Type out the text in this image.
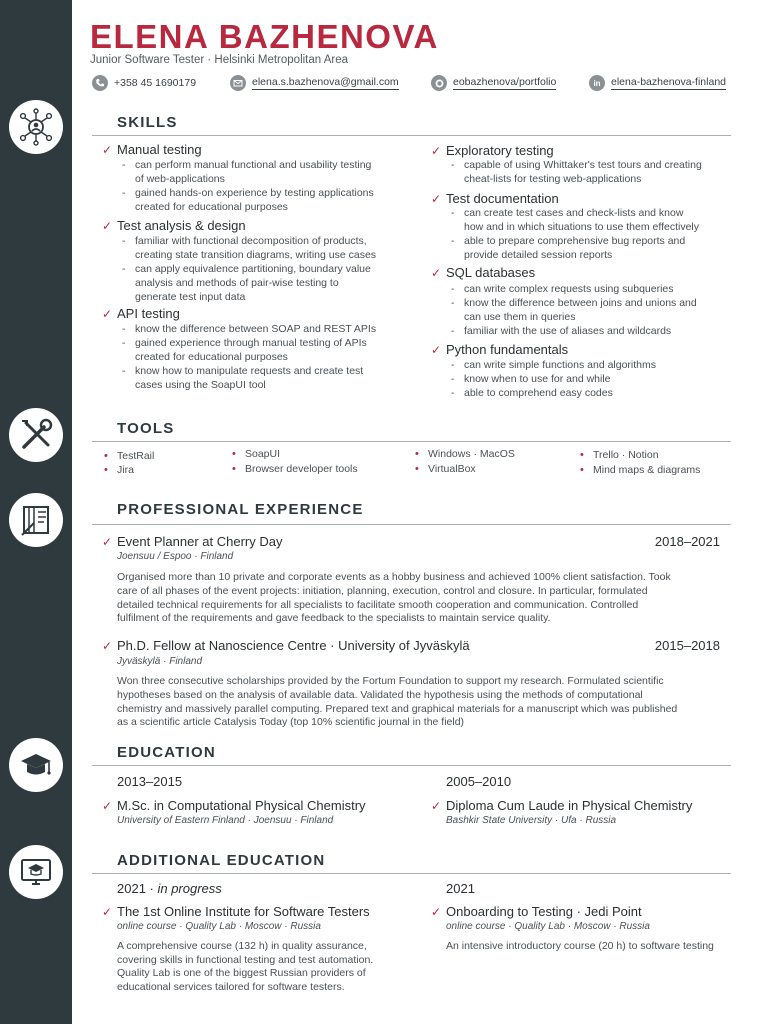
ELENA BAZHENOVA
Junior Software Tester · Helsinki Metropolitan Area
+358 45 1690179	elena.s.bazhenova@gmail.com	eobazhenova/portfolio	in elena-bazhenova-finland
SKILLS
✓ Manual testing
- can perform manual functional and usability testing
of web-applications
- gained hands-on experience by testing applications
created for educational purposes
✓ Test analysis & design
- familiar with functional decomposition of products,
creating state transition diagrams, writing use cases
- can apply equivalence partitioning, boundary value
analysis and methods of pair-wise testing to
generate test input data
✓ API testing
- know the difference between SOAP and REST APIs
- gained experience through manual testing of APIs
created for educational purposes
- know how to manipulate requests and create test
cases using the SoapUI tool
✓ Exploratory testing
- capable of using Whittaker's test tours and creating
cheat-lists for testing web-applications
✓ Test documentation
- can create test cases and check-lists and know
how and in which situations to use them effectively
- able to prepare comprehensive bug reports and
provide detailed session reports
✓ SQL databases
- can write complex requests using subqueries
- know the difference between joins and unions and
can use them in queries
- familiar with the use of aliases and wildcards
✓ Python fundamentals
- can write simple functions and algorithms
- know when to use for and while
- able to comprehend easy codes
TOOLS
• TestRail
• Jira
• SoapUI
• Browser developer tools
• Windows · MacOS
• VirtualBox
• Trello · Notion
• Mind maps & diagrams
PROFESSIONAL EXPERIENCE
✓ Event Planner at Cherry Day	2018–2021
Joensuu / Espoo · Finland
Organised more than 10 private and corporate events as a hobby business and achieved 100% client satisfaction. Took
care of all phases of the event projects: initiation, planning, execution, control and closure. In particular, formulated
detailed technical requirements for all specialists to facilitate smooth cooperation and communication. Controlled
fulfilment of the requirements and gave feedback to the specialists to maintain service quality.
✓ Ph.D. Fellow at Nanoscience Centre · University of Jyväskylä	2015–2018
Jyväskylä · Finland
Won three consecutive scholarships provided by the Fortum Foundation to support my research. Formulated scientific
hypotheses based on the analysis of available data. Validated the hypothesis using the methods of computational
chemistry and massively parallel computing. Prepared text and graphical materials for a manuscript which was published
as a scientific article Catalysis Today (top 10% scientific journal in the field)
EDUCATION
2013–2015
✓ M.Sc. in Computational Physical Chemistry
University of Eastern Finland · Joensuu · Finland
2005–2010
✓ Diploma Cum Laude in Physical Chemistry
Bashkir State University · Ufa · Russia
ADDITIONAL EDUCATION
2021 · in progress
✓ The 1st Online Institute for Software Testers
online course · Quality Lab · Moscow · Russia
A comprehensive course (132 h) in quality assurance,
covering skills in functional testing and test automation.
Quality Lab is one of the biggest Russian providers of
educational services tailored for software testers.
2021
✓ Onboarding to Testing · Jedi Point
online course · Quality Lab · Moscow · Russia
An intensive introductory course (20 h) to software testing
